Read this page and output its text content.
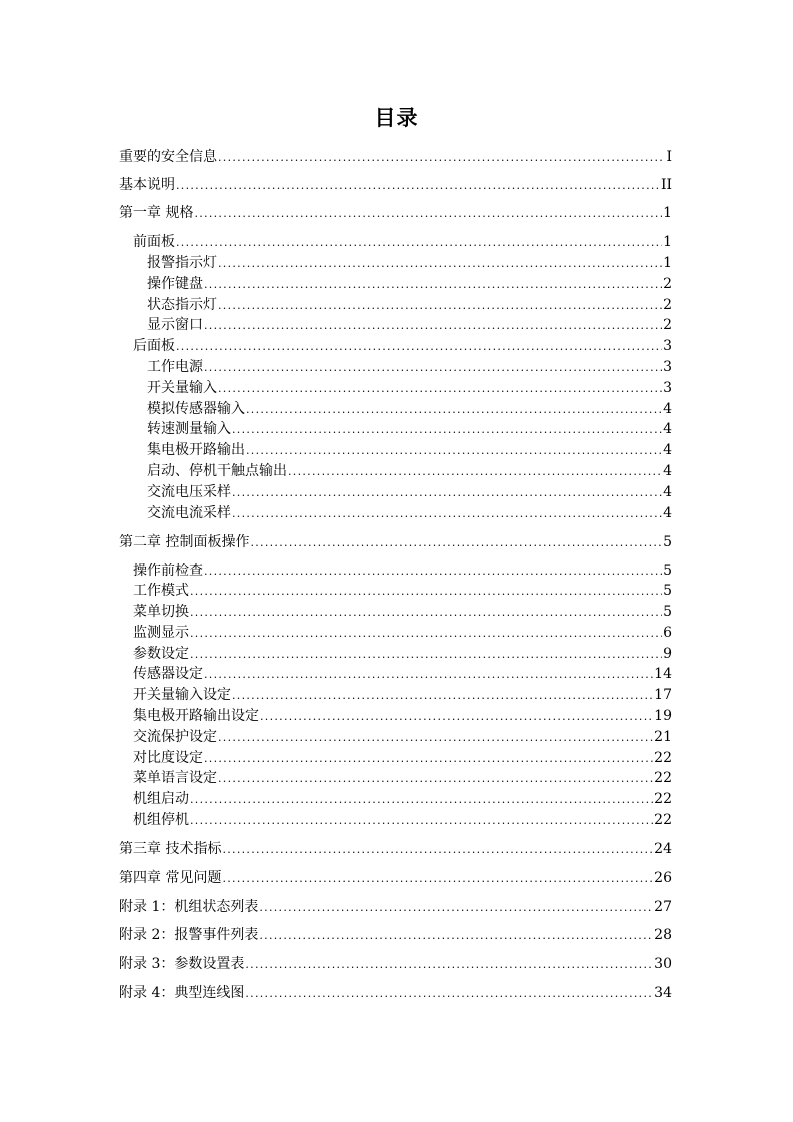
目录
重要的安全信息 .....	I
基本说明 .....	II
第一章 规格 .....	1
前面板 .....	1
报警指示灯 .....	1
操作键盘 .....	2
状态指示灯 .....	2
显示窗口 .....	2
后面板 .....	3
工作电源 .....	3
开关量输入 .....	3
模拟传感器输入 .....	4
转速测量输入 .....	4
集电极开路输出 .....	4
启动、停机干触点输出 .....	4
交流电压采样 .....	4
交流电流采样 .....	4
第二章 控制面板操作 .....	5
操作前检查 .....	5
工作模式 .....	5
菜单切换 .....	5
监测显示 .....	6
参数设定 .....	9
传感器设定 .....	14
开关量输入设定 .....	17
集电极开路输出设定 .....	19
交流保护设定 .....	21
对比度设定 .....	22
菜单语言设定 .....	22
机组启动 .....	22
机组停机 .....	22
第三章 技术指标 .....	24
第四章 常见问题 .....	26
附录 1：机组状态列表 .....	27
附录 2：报警事件列表 .....	28
附录 3：参数设置表 .....	30
附录 4：典型连线图 .....	34
